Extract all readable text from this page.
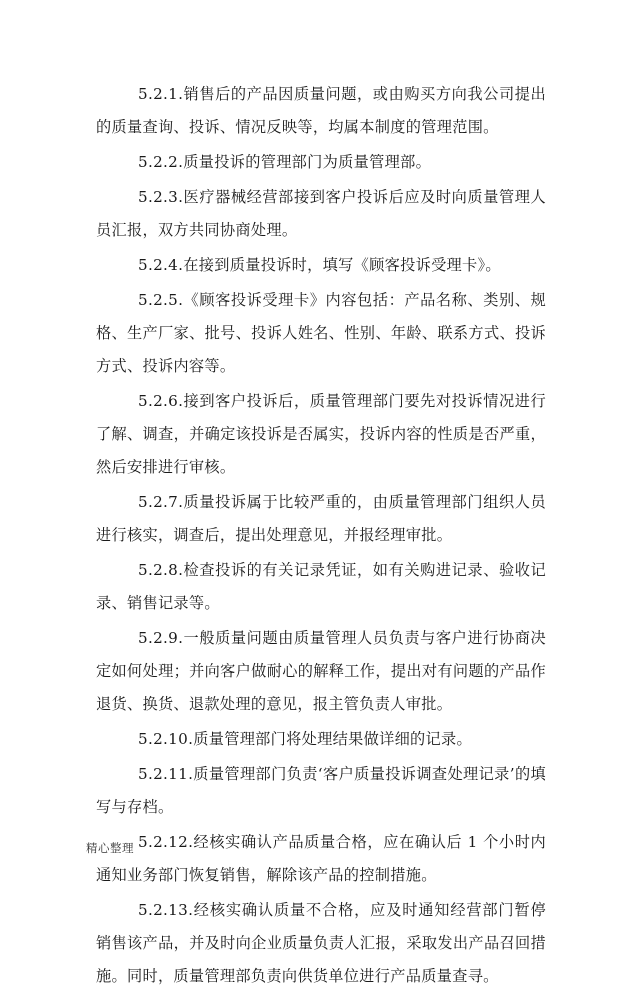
5.2.1.销售后的产品因质量问题，或由购买方向我公司提出的质量查询、投诉、情况反映等，均属本制度的管理范围。

5.2.2.质量投诉的管理部门为质量管理部。

5.2.3.医疗器械经营部接到客户投诉后应及时向质量管理人员汇报，双方共同协商处理。

5.2.4.在接到质量投诉时，填写《顾客投诉受理卡》。

5.2.5.《顾客投诉受理卡》内容包括：产品名称、类别、规格、生产厂家、批号、投诉人姓名、性别、年龄、联系方式、投诉方式、投诉内容等。

5.2.6.接到客户投诉后，质量管理部门要先对投诉情况进行了解、调查，并确定该投诉是否属实，投诉内容的性质是否严重，然后安排进行审核。

5.2.7.质量投诉属于比较严重的，由质量管理部门组织人员进行核实，调查后，提出处理意见，并报经理审批。

5.2.8.检查投诉的有关记录凭证，如有关购进记录、验收记录、销售记录等。

5.2.9.一般质量问题由质量管理人员负责与客户进行协商决定如何处理；并向客户做耐心的解释工作，提出对有问题的产品作退货、换货、退款处理的意见，报主管负责人审批。

5.2.10.质量管理部门将处理结果做详细的记录。

5.2.11.质量管理部门负责‘客户质量投诉调查处理记录’的填写与存档。

5.2.12.经核实确认产品质量合格，应在确认后 1 个小时内通知业务部门恢复销售，解除该产品的控制措施。

5.2.13.经核实确认质量不合格，应及时通知经营部门暂停销售该产品，并及时向企业质量负责人汇报，采取发出产品召回措施。同时，质量管理部负责向供货单位进行产品质量查寻。

精心整理
